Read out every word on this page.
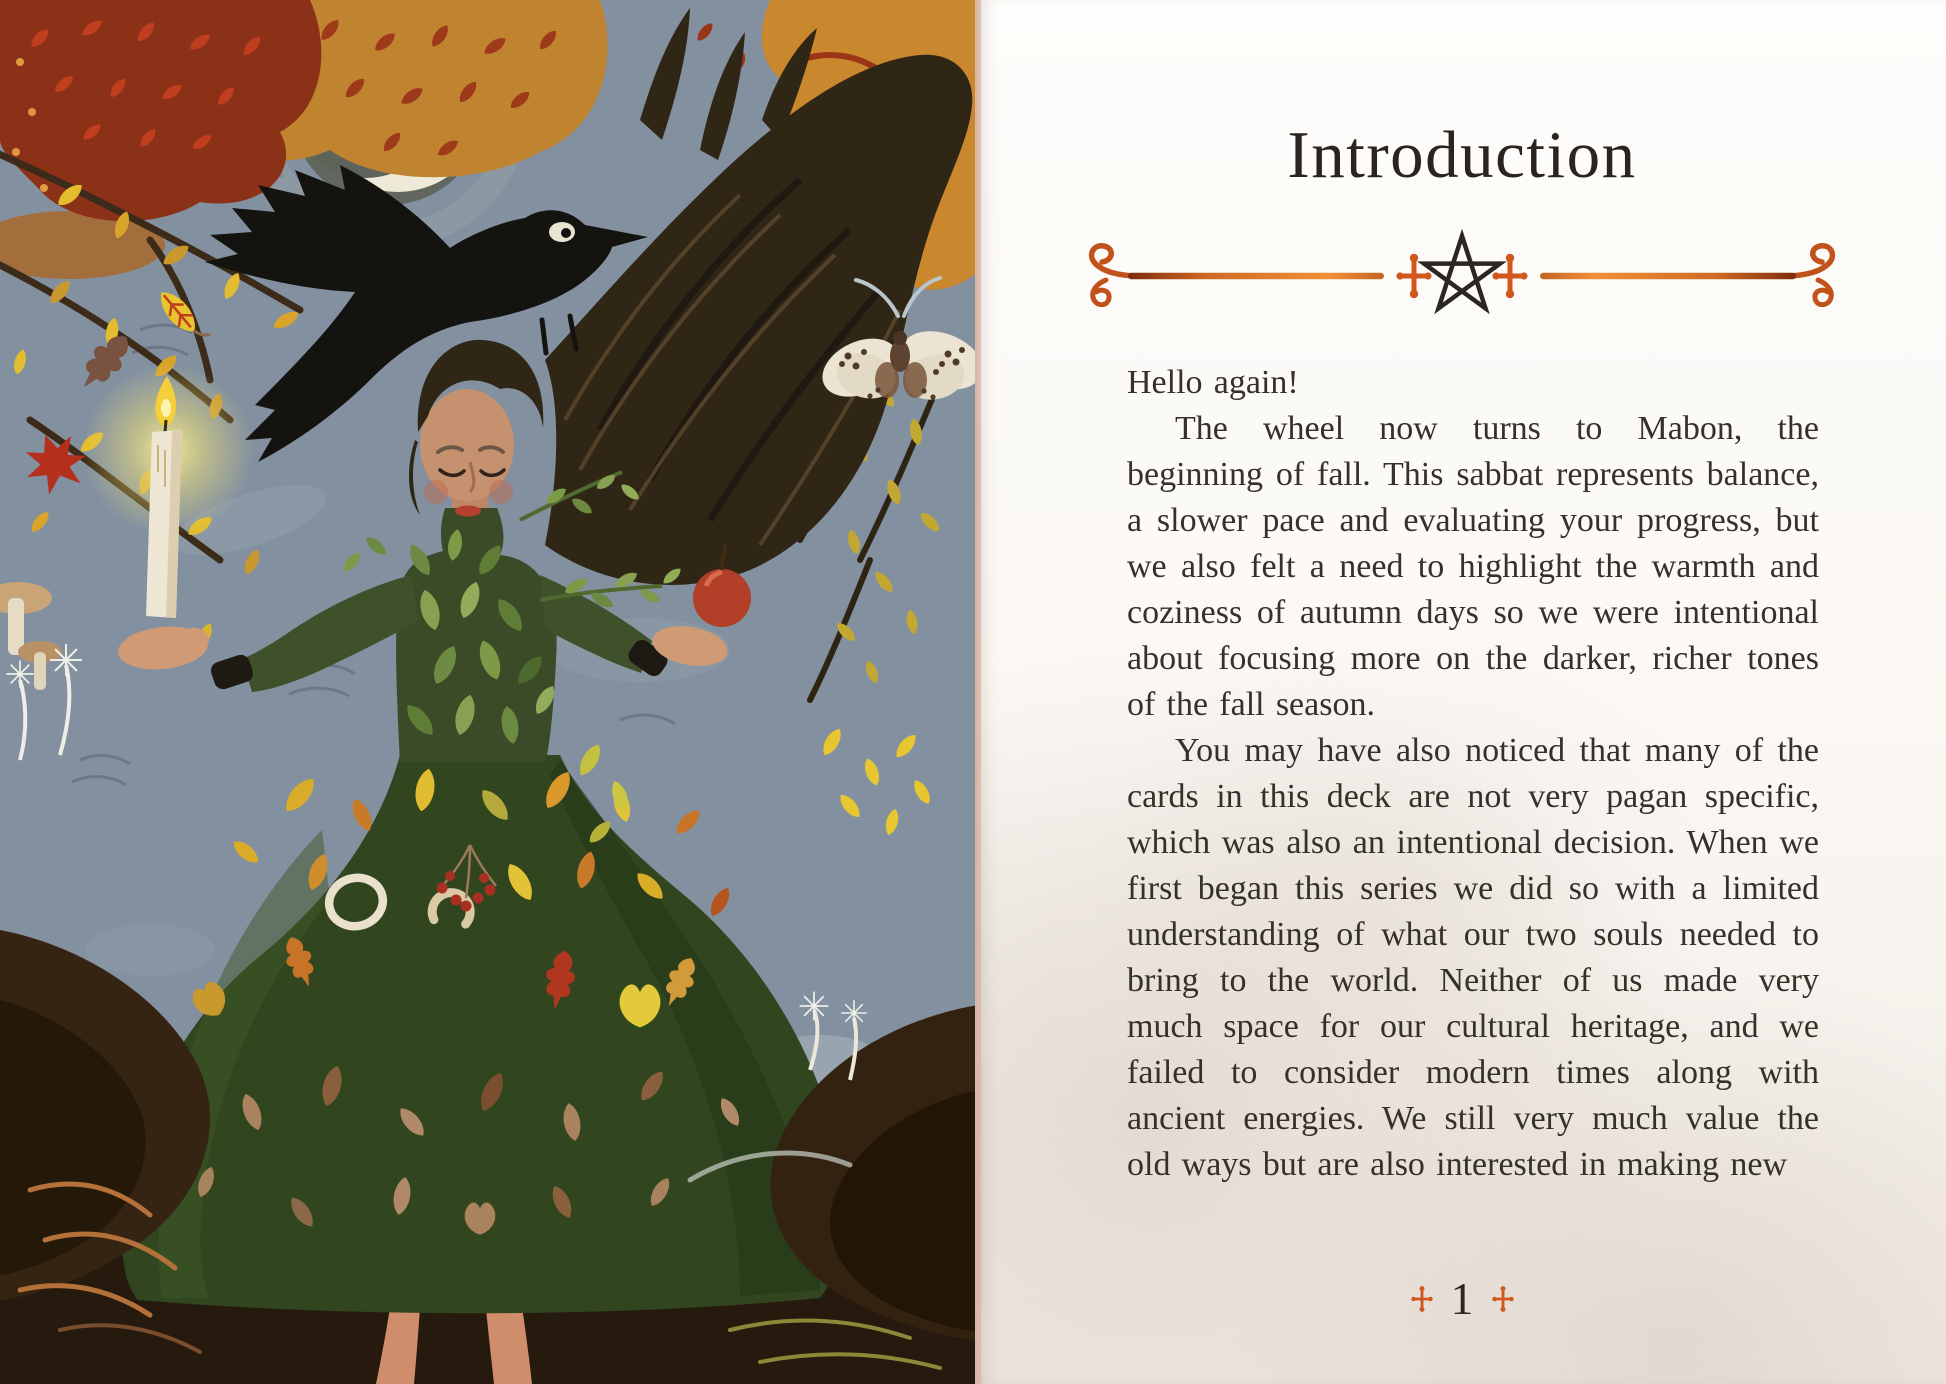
Introduction

Hello again!

The wheel now turns to Mabon, the beginning of fall. This sabbat represents balance, a slower pace and evaluating your progress, but we also felt a need to highlight the warmth and coziness of autumn days so we were intentional about focusing more on the darker, richer tones of the fall season.

You may have also noticed that many of the cards in this deck are not very pagan specific, which was also an intentional decision. When we first began this series we did so with a limited understanding of what our two souls needed to bring to the world. Neither of us made very much space for our cultural heritage, and we failed to consider modern times along with ancient energies. We still very much value the old ways but are also interested in making new

1
